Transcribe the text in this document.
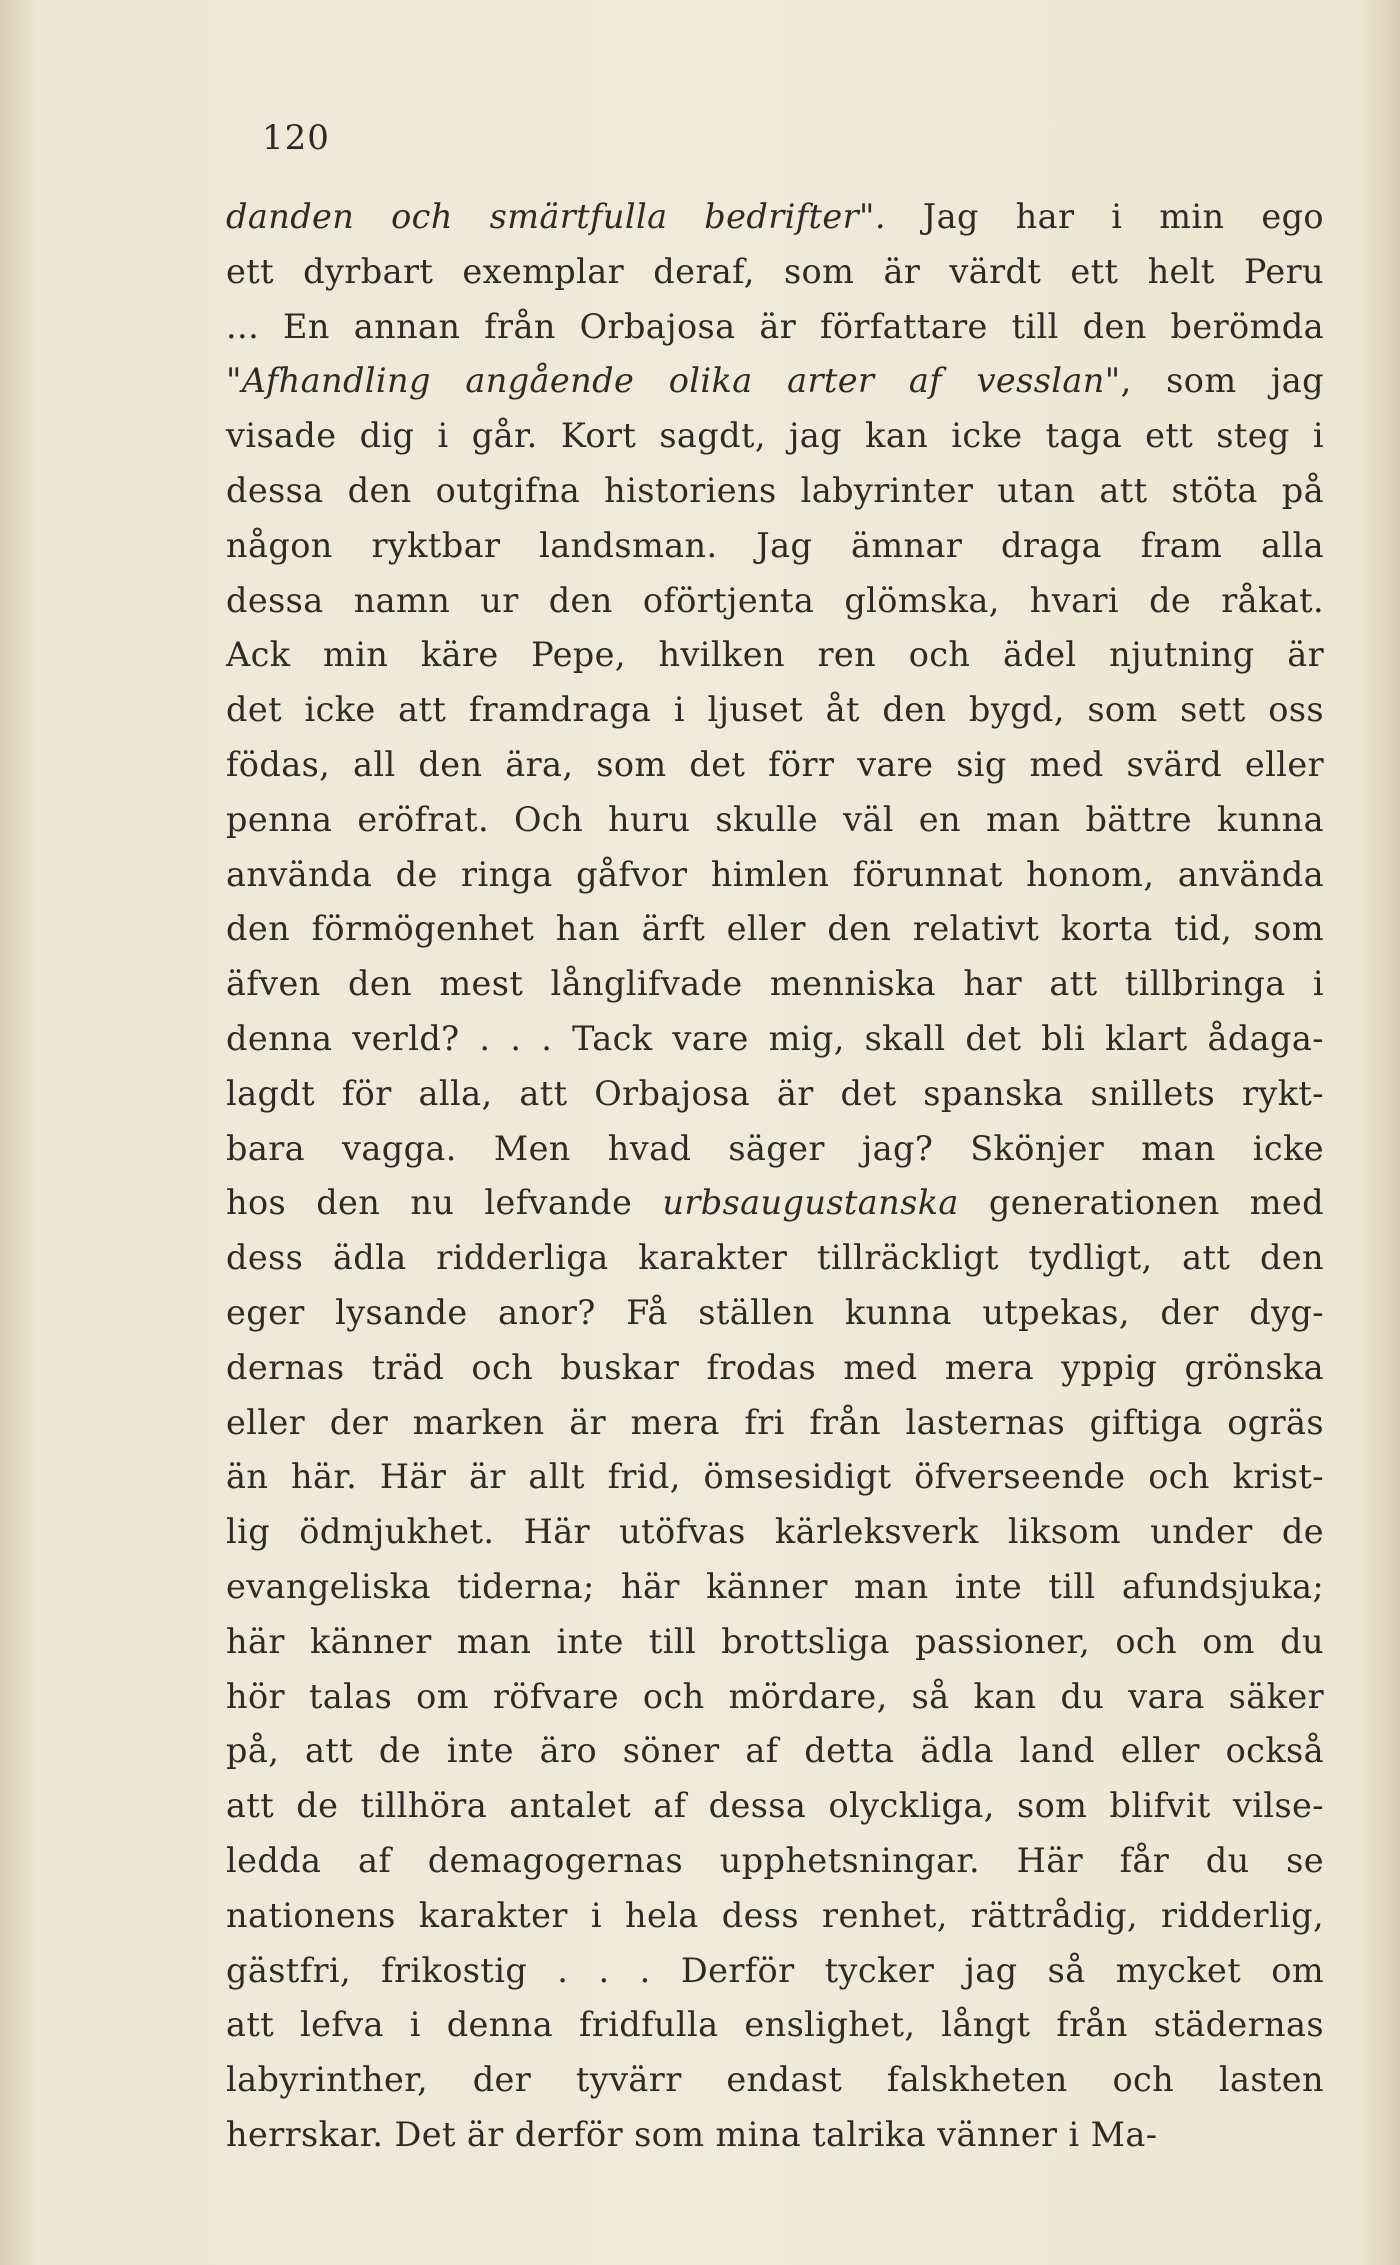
120
danden och smärtfulla bedrifter". Jag har i min ego
ett dyrbart exemplar deraf, som är värdt ett helt Peru
... En annan från Orbajosa är författare till den berömda
"Afhandling angående olika arter af vesslan", som jag
visade dig i går. Kort sagdt, jag kan icke taga ett steg i
dessa den outgifna historiens labyrinter utan att stöta på
någon ryktbar landsman. Jag ämnar draga fram alla
dessa namn ur den oförtjenta glömska, hvari de råkat.
Ack min käre Pepe, hvilken ren och ädel njutning är
det icke att framdraga i ljuset åt den bygd, som sett oss
födas, all den ära, som det förr vare sig med svärd eller
penna eröfrat. Och huru skulle väl en man bättre kunna
använda de ringa gåfvor himlen förunnat honom, använda
den förmögenhet han ärft eller den relativt korta tid, som
äfven den mest långlifvade menniska har att tillbringa i
denna verld? . . . Tack vare mig, skall det bli klart ådaga-
lagdt för alla, att Orbajosa är det spanska snillets rykt-
bara vagga. Men hvad säger jag? Skönjer man icke
hos den nu lefvande urbsaugustanska generationen med
dess ädla ridderliga karakter tillräckligt tydligt, att den
eger lysande anor? Få ställen kunna utpekas, der dyg-
dernas träd och buskar frodas med mera yppig grönska
eller der marken är mera fri från lasternas giftiga ogräs
än här. Här är allt frid, ömsesidigt öfverseende och krist-
lig ödmjukhet. Här utöfvas kärleksverk liksom under de
evangeliska tiderna; här känner man inte till afundsjuka;
här känner man inte till brottsliga passioner, och om du
hör talas om röfvare och mördare, så kan du vara säker
på, att de inte äro söner af detta ädla land eller också
att de tillhöra antalet af dessa olyckliga, som blifvit vilse-
ledda af demagogernas upphetsningar. Här får du se
nationens karakter i hela dess renhet, rättrådig, ridderlig,
gästfri, frikostig . . . Derför tycker jag så mycket om
att lefva i denna fridfulla enslighet, långt från städernas
labyrinther, der tyvärr endast falskheten och lasten
herrskar. Det är derför som mina talrika vänner i Ma-
